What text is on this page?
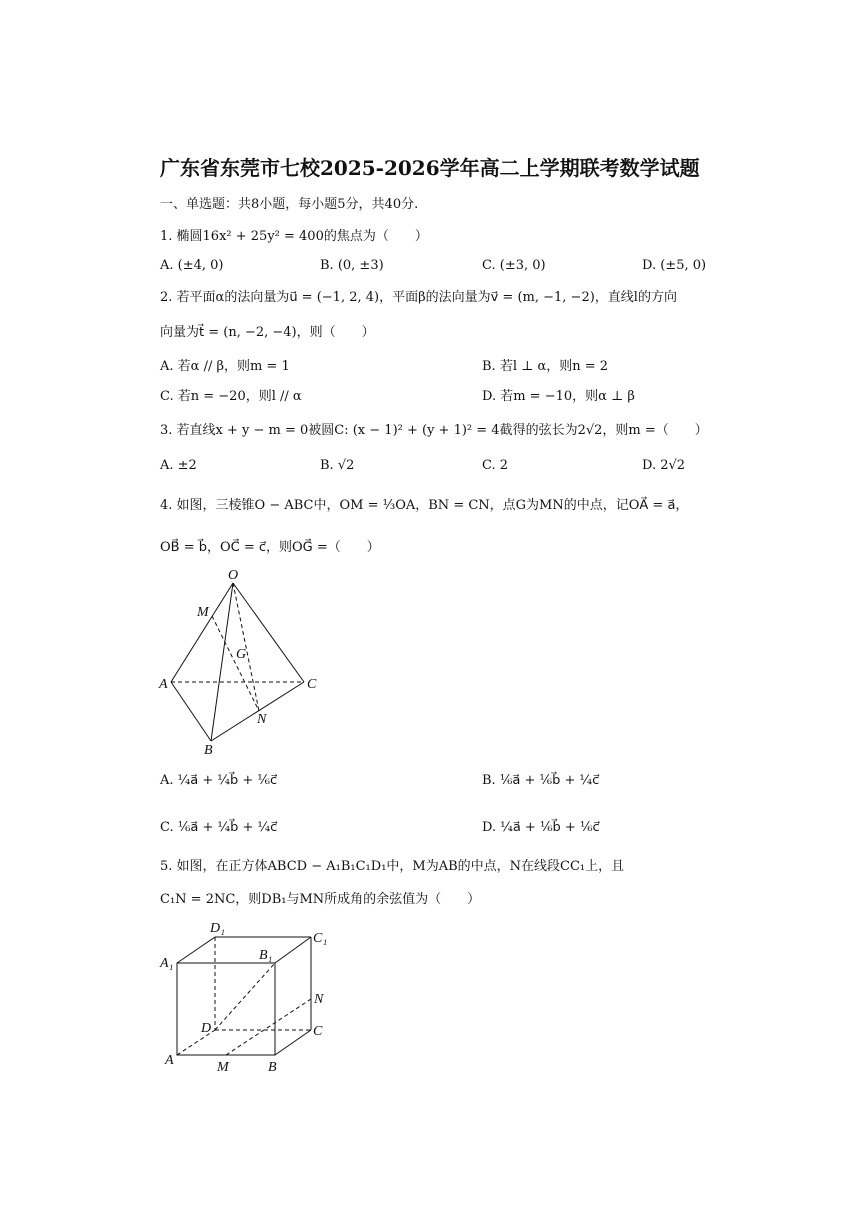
广东省东莞市七校2025-2026学年高二上学期联考数学试题
一、单选题：共8小题，每小题5分，共40分.
1. 椭圆16x² + 25y² = 400的焦点为（　　）
A. (±4, 0)	B. (0, ±3)	C. (±3, 0)	D. (±5, 0)
2. 若平面α的法向量为u⃗ = (−1, 2, 4)，平面β的法向量为v⃗ = (m, −1, −2)，直线l的方向
向量为t⃗ = (n, −2, −4)，则（　　）
A. 若α // β，则m = 1	B. 若l ⊥ α，则n = 2
C. 若n = −20，则l // α	D. 若m = −10，则α ⊥ β
3. 若直线x + y − m = 0被圆C: (x − 1)² + (y + 1)² = 4截得的弦长为2√2，则m =（　　）
A. ±2	B. √2	C. 2	D. 2√2
4. 如图，三棱锥O − ABC中，OM = ⅓OA，BN = CN，点G为MN的中点，记OA⃗ = a⃗，
OB⃗ = b⃗，OC⃗ = c⃗，则OG⃗ =（　　）
O
M
G
A	C
N
B
A. ¼a⃗ + ¼b⃗ + ⅙c⃗	B. ⅙a⃗ + ⅙b⃗ + ¼c⃗
C. ⅙a⃗ + ¼b⃗ + ¼c⃗	D. ¼a⃗ + ⅙b⃗ + ⅙c⃗
5. 如图，在正方体ABCD − A₁B₁C₁D₁中，M为AB的中点，N在线段CC₁上，且
C₁N = 2NC，则DB₁与MN所成角的余弦值为（　　）
D₁
C₁
A₁
B₁
N
D	C
A	M	B
